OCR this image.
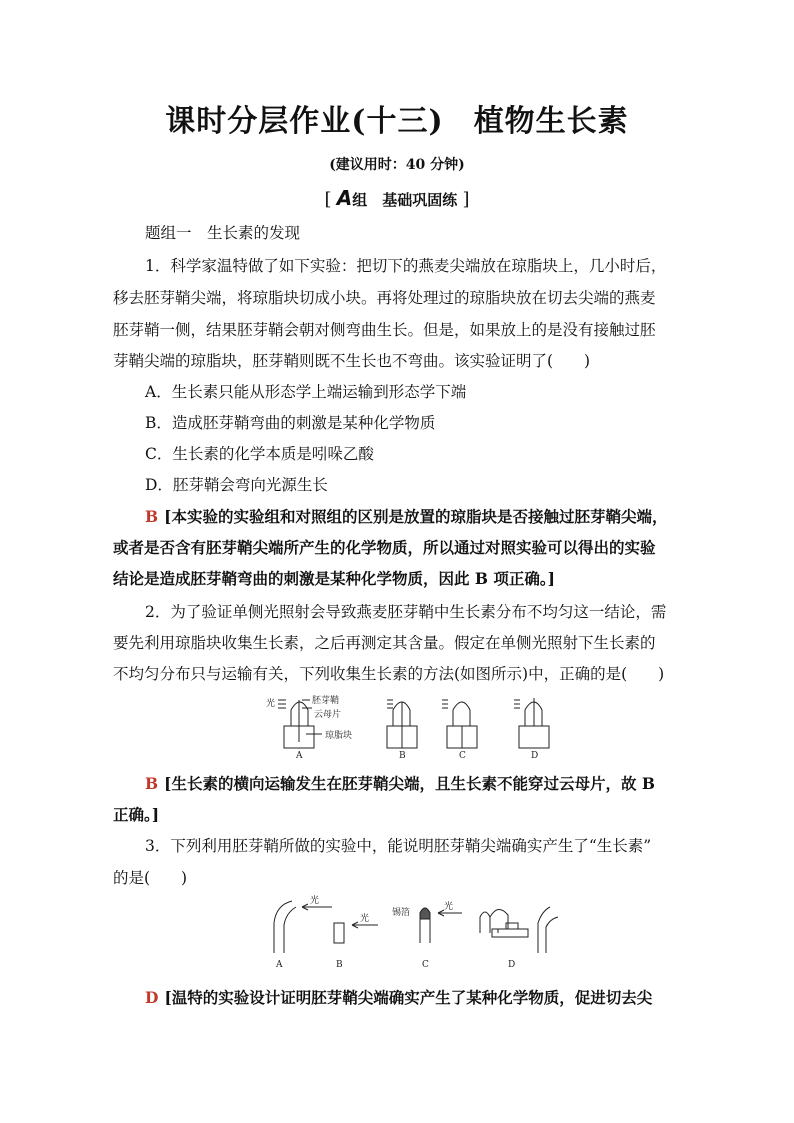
课时分层作业(十三) 植物生长素
(建议用时：40 分钟)
[ A组　基础巩固练 ]
题组一　生长素的发现
1．科学家温特做了如下实验：把切下的燕麦尖端放在琼脂块上，几小时后，
移去胚芽鞘尖端，将琼脂块切成小块。再将处理过的琼脂块放在切去尖端的燕麦
胚芽鞘一侧，结果胚芽鞘会朝对侧弯曲生长。但是，如果放上的是没有接触过胚
芽鞘尖端的琼脂块，胚芽鞘则既不生长也不弯曲。该实验证明了(　　)
A．生长素只能从形态学上端运输到形态学下端
B．造成胚芽鞘弯曲的刺激是某种化学物质
C．生长素的化学本质是吲哚乙酸
D．胚芽鞘会弯向光源生长
B [本实验的实验组和对照组的区别是放置的琼脂块是否接触过胚芽鞘尖端，
或者是否含有胚芽鞘尖端所产生的化学物质，所以通过对照实验可以得出的实验
结论是造成胚芽鞘弯曲的刺激是某种化学物质，因此 B 项正确。]
2．为了验证单侧光照射会导致燕麦胚芽鞘中生长素分布不均匀这一结论，需
要先利用琼脂块收集生长素，之后再测定其含量。假定在单侧光照射下生长素的
不均匀分布只与运输有关，下列收集生长素的方法(如图所示)中，正确的是(　　)
光	胚芽鞘
云母片
琼脂块
A	B	C	D
B [生长素的横向运输发生在胚芽鞘尖端，且生长素不能穿过云母片，故 B
正确。]
3．下列利用胚芽鞘所做的实验中，能说明胚芽鞘尖端确实产生了“生长素”
的是(　　)
A	B	C	D
光
光
锡箔
光
D [温特的实验设计证明胚芽鞘尖端确实产生了某种化学物质，促进切去尖
